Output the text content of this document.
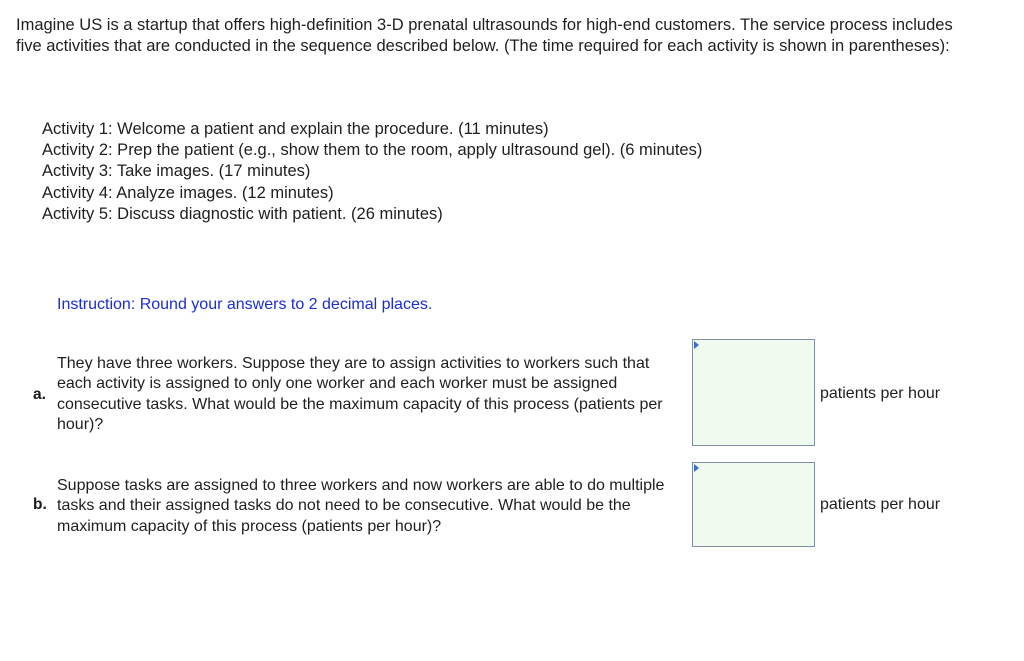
Imagine US is a startup that offers high-definition 3-D prenatal ultrasounds for high-end customers. The service process includes five activities that are conducted in the sequence described below. (The time required for each activity is shown in parentheses):
Activity 1: Welcome a patient and explain the procedure. (11 minutes)
Activity 2: Prep the patient (e.g., show them to the room, apply ultrasound gel). (6 minutes)
Activity 3: Take images. (17 minutes)
Activity 4: Analyze images. (12 minutes)
Activity 5: Discuss diagnostic with patient. (26 minutes)
Instruction: Round your answers to 2 decimal places.
a.
They have three workers. Suppose they are to assign activities to workers such that each activity is assigned to only one worker and each worker must be assigned consecutive tasks. What would be the maximum capacity of this process (patients per hour)?
patients per hour
b.
Suppose tasks are assigned to three workers and now workers are able to do multiple tasks and their assigned tasks do not need to be consecutive. What would be the maximum capacity of this process (patients per hour)?
patients per hour
